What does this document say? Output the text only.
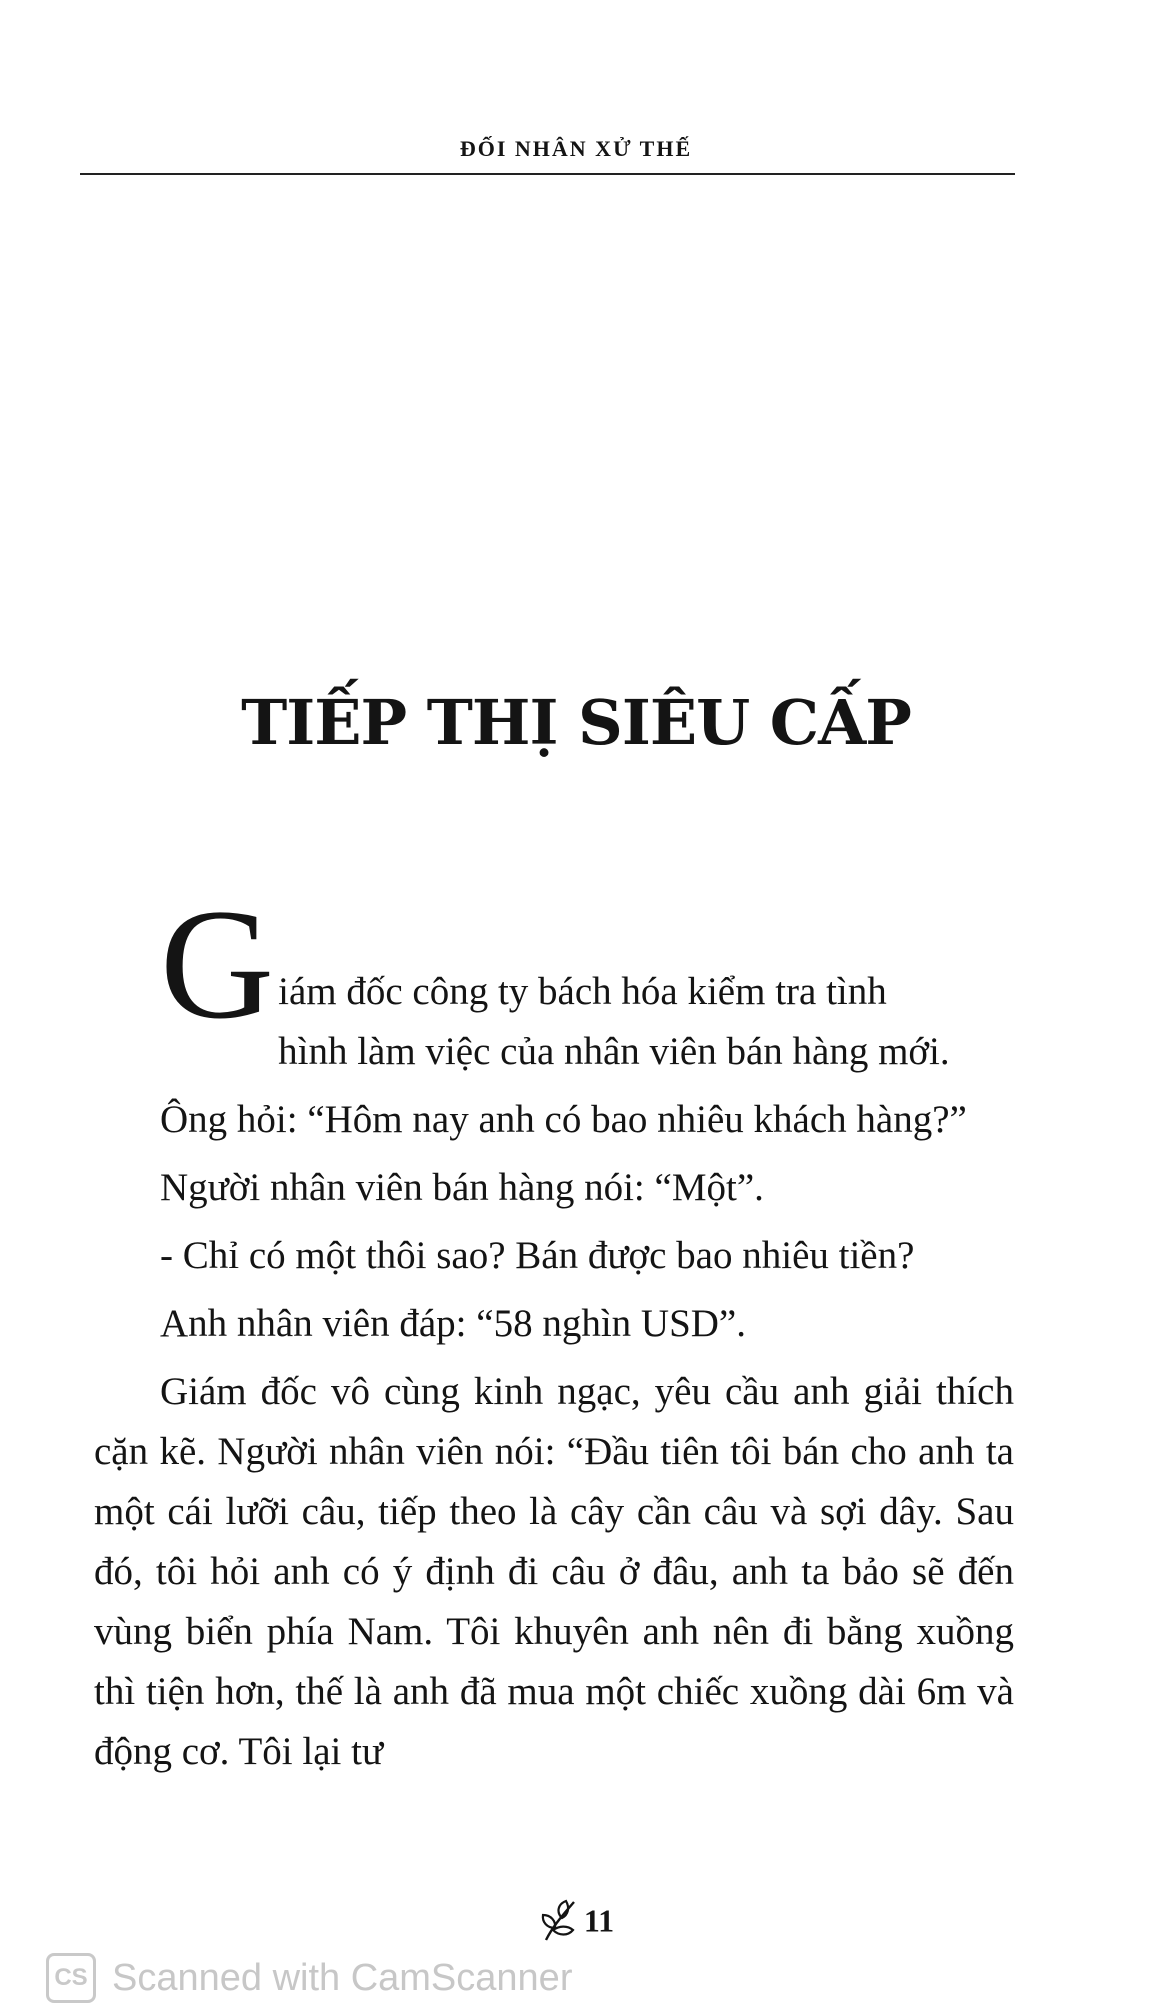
ĐỐI NHÂN XỬ THẾ
TIẾP THỊ SIÊU CẤP

G iám đốc công ty bách hóa kiểm tra tình
hình làm việc của nhân viên bán hàng mới.

Ông hỏi: “Hôm nay anh có bao nhiêu khách hàng?”

Người nhân viên bán hàng nói: “Một”.

- Chỉ có một thôi sao? Bán được bao nhiêu tiền?

Anh nhân viên đáp: “58 nghìn USD”.

Giám đốc vô cùng kinh ngạc, yêu cầu anh giải thích cặn kẽ. Người nhân viên nói: “Đầu tiên tôi bán cho anh ta một cái lưỡi câu, tiếp theo là cây cần câu và sợi dây. Sau đó, tôi hỏi anh có ý định đi câu ở đâu, anh ta bảo sẽ đến vùng biển phía Nam. Tôi khuyên anh nên đi bằng xuồng thì tiện hơn, thế là anh đã mua một chiếc xuồng dài 6m và động cơ. Tôi lại tư

11
CS Scanned with CamScanner
